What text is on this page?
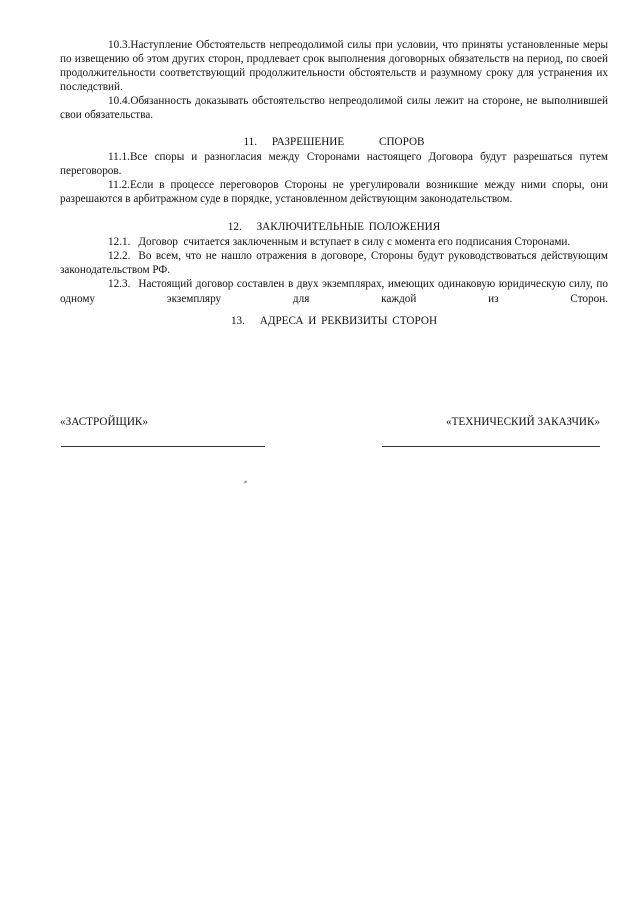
10.3.Наступление Обстоятельств непреодолимой силы при условии, что приняты установленные меры по извещению об этом других сторон, продлевает срок выполнения договорных обязательств на период, по своей продолжительности соответствующий продолжительности обстоятельств и разумному сроку для устранения их последствий.

10.4.Обязанность доказывать обстоятельство непреодолимой силы лежит на стороне, не выполнившей свои обязательства.

11. РАЗРЕШЕНИЕ	СПОРОВ

11.1.Все споры и разногласия между Сторонами настоящего Договора будут разрешаться путем переговоров.

11.2.Если в процессе переговоров Стороны не урегулировали возникшие между ними споры, они разрешаются в арбитражном суде в порядке, установленном действующим законодательством.

12. ЗАКЛЮЧИТЕЛЬНЫЕ ПОЛОЖЕНИЯ

12.1. Договор  считается заключенным и вступает в силу с момента его подписания Сторонами.

12.2. Во всем, что не нашло отражения в договоре, Стороны будут руководствоваться действующим законодательством РФ.

12.3. Настоящий договор составлен в двух экземплярах, имеющих одинаковую юридическую силу, по одному экземпляру для каждой из Сторон.

13. АДРЕСА И РЕКВИЗИТЫ СТОРОН
«ЗАСТРОЙЩИК»	«ТЕХНИЧЕСКИЙ ЗАКАЗЧИК»
